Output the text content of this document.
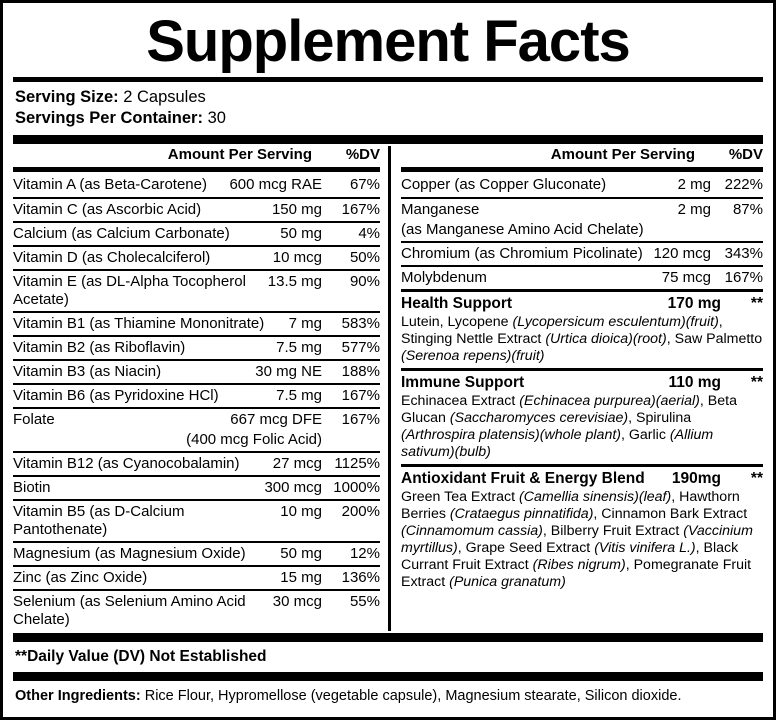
Supplement Facts
Serving Size: 2 Capsules
Servings Per Container: 30
Amount Per Serving	%DV
Vitamin A (as Beta-Carotene)	600 mcg RAE	67%
Vitamin C (as Ascorbic Acid)	150 mg	167%
Calcium (as Calcium Carbonate)	50 mg	4%
Vitamin D (as Cholecalciferol)	10 mcg	50%
Vitamin E (as DL-Alpha Tocopherol Acetate)
13.5 mg	90%
Vitamin B1 (as Thiamine Mononitrate)	7 mg	583%
Vitamin B2 (as Riboflavin)	7.5 mg	577%
Vitamin B3 (as Niacin)	30 mg NE	188%
Vitamin B6 (as Pyridoxine HCl)	7.5 mg	167%
Folate	667 mcg DFE	167%
(400 mcg Folic Acid)
Vitamin B12 (as Cyanocobalamin)	27 mcg 1125%
Biotin	300 mcg 1000%
Vitamin B5 (as D-Calcium Pantothenate)
10 mg	200%
Magnesium (as Magnesium Oxide)	50 mg	12%
Zinc (as Zinc Oxide)	15 mg	136%
Selenium (as Selenium Amino Acid Chelate)
30 mcg	55%
Amount Per Serving	%DV
Copper (as Copper Gluconate)	2 mg 222%
Manganese	2 mg	87%
(as Manganese Amino Acid Chelate)
Chromium (as Chromium Picolinate) 120 mcg 343%
Molybdenum	75 mcg 167%
Health Support	170 mg	**
Lutein, Lycopene (Lycopersicum esculentum)(fruit), Stinging Nettle Extract (Urtica dioica)(root), Saw Palmetto (Serenoa repens)(fruit)
Immune Support	110 mg	**
Echinacea Extract (Echinacea purpurea)(aerial), Beta Glucan (Saccharomyces cerevisiae), Spirulina (Arthrospira platensis)(whole plant), Garlic (Allium sativum)(bulb)
Antioxidant Fruit & Energy Blend	190mg	**
Green Tea Extract (Camellia sinensis)(leaf), Hawthorn Berries (Crataegus pinnatifida), Cinnamon Bark Extract (Cinnamomum cassia), Bilberry Fruit Extract (Vaccinium myrtillus), Grape Seed Extract (Vitis vinifera L.), Black Currant Fruit Extract (Ribes nigrum), Pomegranate Fruit Extract (Punica granatum)
**Daily Value (DV) Not Established
Other Ingredients: Rice Flour, Hypromellose (vegetable capsule), Magnesium stearate, Silicon dioxide.
